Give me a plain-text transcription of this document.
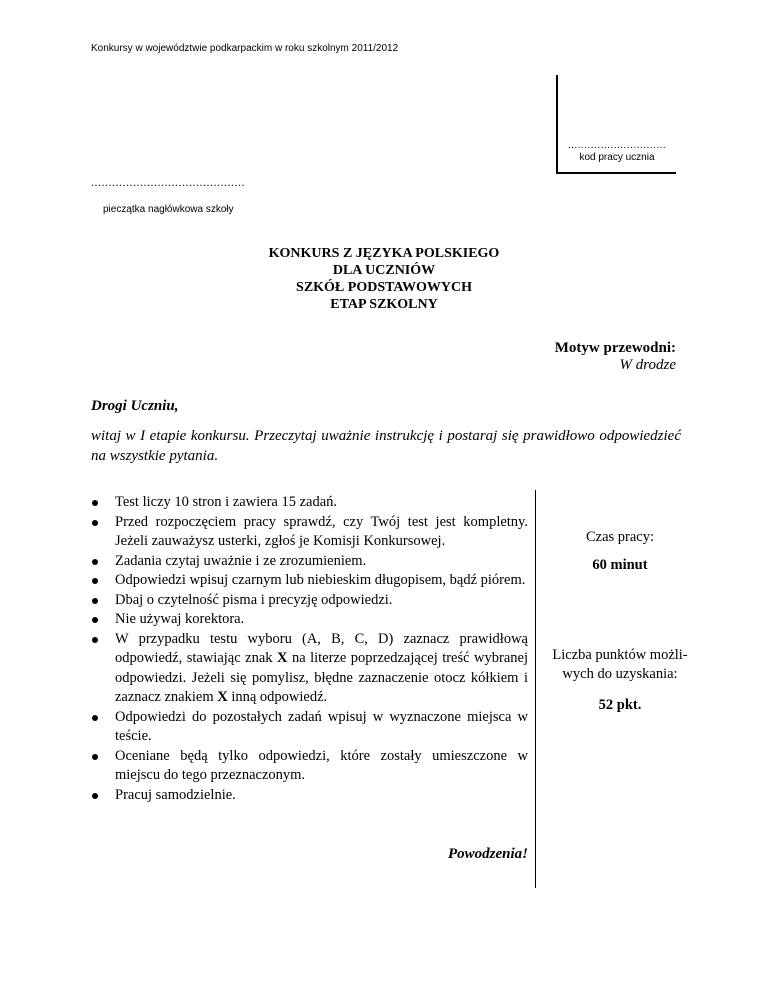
Konkursy w województwie podkarpackim w roku szkolnym 2011/2012
..............................
kod pracy ucznia
............................................
pieczątka nagłówkowa szkoły
KONKURS Z JĘZYKA POLSKIEGO
DLA UCZNIÓW
SZKÓŁ PODSTAWOWYCH
ETAP SZKOLNY
Motyw przewodni:
W drodze
Drogi Uczniu,
witaj w I etapie konkursu. Przeczytaj uważnie instrukcję i postaraj się prawidłowo odpowiedzieć na wszystkie pytania.
Test liczy 10 stron i zawiera 15 zadań.
Przed rozpoczęciem pracy sprawdź, czy Twój test jest kompletny. Jeżeli zauważysz usterki, zgłoś je Komisji Konkursowej.
Zadania czytaj uważnie i ze zrozumieniem.
Odpowiedzi wpisuj czarnym lub niebieskim długopisem, bądź piórem.
Dbaj o czytelność pisma i precyzję odpowiedzi.
Nie używaj korektora.
W przypadku testu wyboru (A, B, C, D) zaznacz prawidłową odpowiedź, stawiając znak X na literze poprzedzającej treść wybranej odpowiedzi. Jeżeli się pomylisz, błędne zaznaczenie otocz kółkiem i zaznacz znakiem X inną odpowiedź.
Odpowiedzi do pozostałych zadań wpisuj w wyznaczone miejsca w teście.
Oceniane będą tylko odpowiedzi, które zostały umieszczone w miejscu do tego przeznaczonym.
Pracuj samodzielnie.
Czas pracy:
60 minut
Liczba punktów możli-
wych do uzyskania:
52 pkt.
Powodzenia!
